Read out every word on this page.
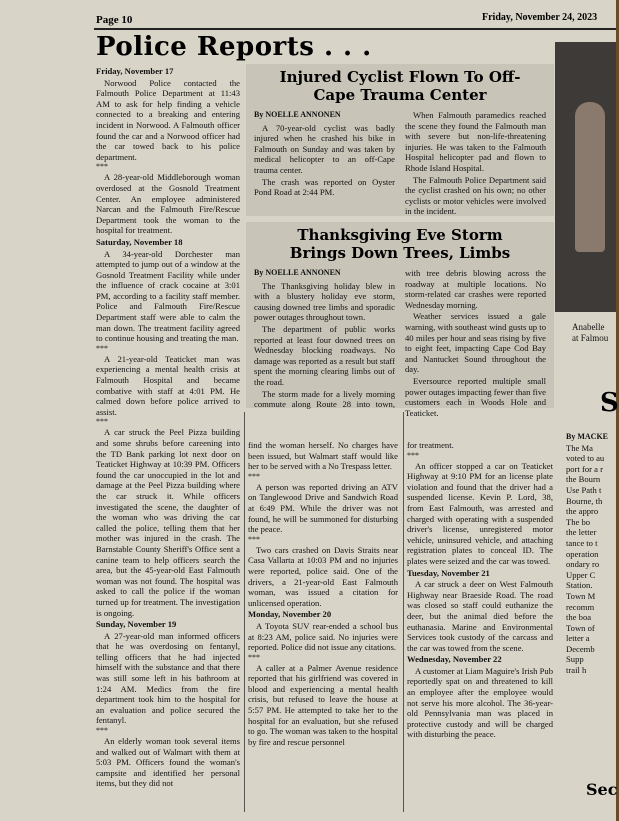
Page 10	Friday, November 24, 2023
Police Reports . . .

Friday, November 17

Norwood Police contacted the Falmouth Police Department at 11:43 AM to ask for help finding a vehicle connected to a breaking and entering incident in Norwood. A Falmouth officer found the car and a Norwood officer had the car towed back to his police department.

***

A 28-year-old Middleborough woman overdosed at the Gosnold Treatment Center. An employee administered Narcan and the Falmouth Fire/Rescue Department took the woman to the hospital for treatment.

Saturday, November 18

A 34-year-old Dorchester man attempted to jump out of a window at the Gosnold Treatment Facility while under the influence of crack cocaine at 3:01 PM, according to a facility staff member. Police and Falmouth Fire/Rescue Department staff were able to calm the man down. The treatment facility agreed to continue housing and treating the man.

***

A 21-year-old Teaticket man was experiencing a mental health crisis at Falmouth Hospital and became combative with staff at 4:01 PM. He calmed down before police arrived to assist.

***

A car struck the Peel Pizza building and some shrubs before careening into the TD Bank parking lot next door on Teaticket Highway at 10:39 PM. Officers found the car unoccupied in the lot and damage at the Peel Pizza building where the car struck it. While officers investigated the scene, the daughter of the woman who was driving the car called the police, telling them that her mother was injured in the crash. The Barnstable County Sheriff's Office sent a canine team to help officers search the area, but the 45-year-old East Falmouth woman was not found. The hospital was asked to call the police if the woman turned up for treatment. The investigation is ongoing.

Sunday, November 19

A 27-year-old man informed officers that he was overdosing on fentanyl, telling officers that he had injected himself with the substance and that there was still some left in his bathroom at 1:24 AM. Medics from the fire department took him to the hospital for an evaluation and police secured the fentanyl.

***

An elderly woman took several items and walked out of Walmart with them at 5:03 PM. Officers found the woman's campsite and identified her personal items, but they did not

find the woman herself. No charges have been issued, but Walmart staff would like her to be served with a No Trespass letter.

***

A person was reported driving an ATV on Tanglewood Drive and Sandwich Road at 6:49 PM. While the driver was not found, he will be summoned for disturbing the peace.

***

Two cars crashed on Davis Straits near Casa Vallarta at 10:03 PM and no injuries were reported, police said. One of the drivers, a 21-year-old East Falmouth woman, was issued a citation for unlicensed operation.

Monday, November 20

A Toyota SUV rear-ended a school bus at 8:23 AM, police said. No injuries were reported. Police did not issue any citations.

***

A caller at a Palmer Avenue residence reported that his girlfriend was covered in blood and experiencing a mental health crisis, but refused to leave the house at 5:57 PM. He attempted to take her to the hospital for an evaluation, but she refused to go. The woman was taken to the hospital by fire and rescue personnel

for treatment.

***

An officer stopped a car on Teaticket Highway at 9:10 PM for an license plate violation and found that the driver had a suspended license. Kevin P. Lord, 38, from East Falmouth, was arrested and charged with operating with a suspended driver's license, unregistered motor vehicle, uninsured vehicle, and attaching registration plates to conceal ID. The plates were seized and the car was towed.

Tuesday, November 21

A car struck a deer on West Falmouth Highway near Braeside Road. The road was closed so staff could euthanize the deer, but the animal died before the euthanasia. Marine and Environmental Services took custody of the carcass and the car was towed from the scene.

Wednesday, November 22

A customer at Liam Maguire's Irish Pub reportedly spat on and threatened to kill an employee after the employee would not serve his more alcohol. The 36-year-old Pennsylvania man was placed in protective custody and will be charged with disturbing the peace.

Injured Cyclist Flown To Off-Cape Trauma Center
By NOELLE ANNONEN

A 70-year-old cyclist was badly injured when he crashed his bike in Falmouth on Sunday and was taken by medical helicopter to an off-Cape trauma center.

The crash was reported on Oyster Pond Road at 2:44 PM.

When Falmouth paramedics reached the scene they found the Falmouth man with severe but non-life-threatening injuries. He was taken to the Falmouth Hospital helicopter pad and flown to Rhode Island Hospital.

The Falmouth Police Department said the cyclist crashed on his own; no other cyclists or motor vehicles were involved in the incident.

Thanksgiving Eve Storm Brings Down Trees, Limbs
By NOELLE ANNONEN

The Thanksgiving holiday blew in with a blustery holiday eve storm, causing downed tree limbs and sporadic power outages throughout town.

The department of public works reported at least four downed trees on Wednesday blocking roadways. No damage was reported as a result but staff spent the morning clearing limbs out of the road.

The storm made for a lively morning commute along Route 28 into town, with tree debris blowing across the roadway at multiple locations. No storm-related car crashes were reported Wednesday morning.

Weather services issued a gale warning, with southeast wind gusts up to 40 miles per hour and seas rising by five to eight feet, impacting Cape Cod Bay and Nantucket Sound throughout the day.

Eversource reported multiple small power outages impacting fewer than five customers each in Woods Hole and Teaticket.

Anabelle
at Falmou
S
By MACKE
The Ma
voted to au
port for a r
the Bourn
Use Path t
Bourne, th
the appro
The bo
the letter
tance to t
operation
ondary ro
Upper C
Station.
Town M
recomm
the boa
Town of
letter a
Decemb
Supp
trail h
Sec
